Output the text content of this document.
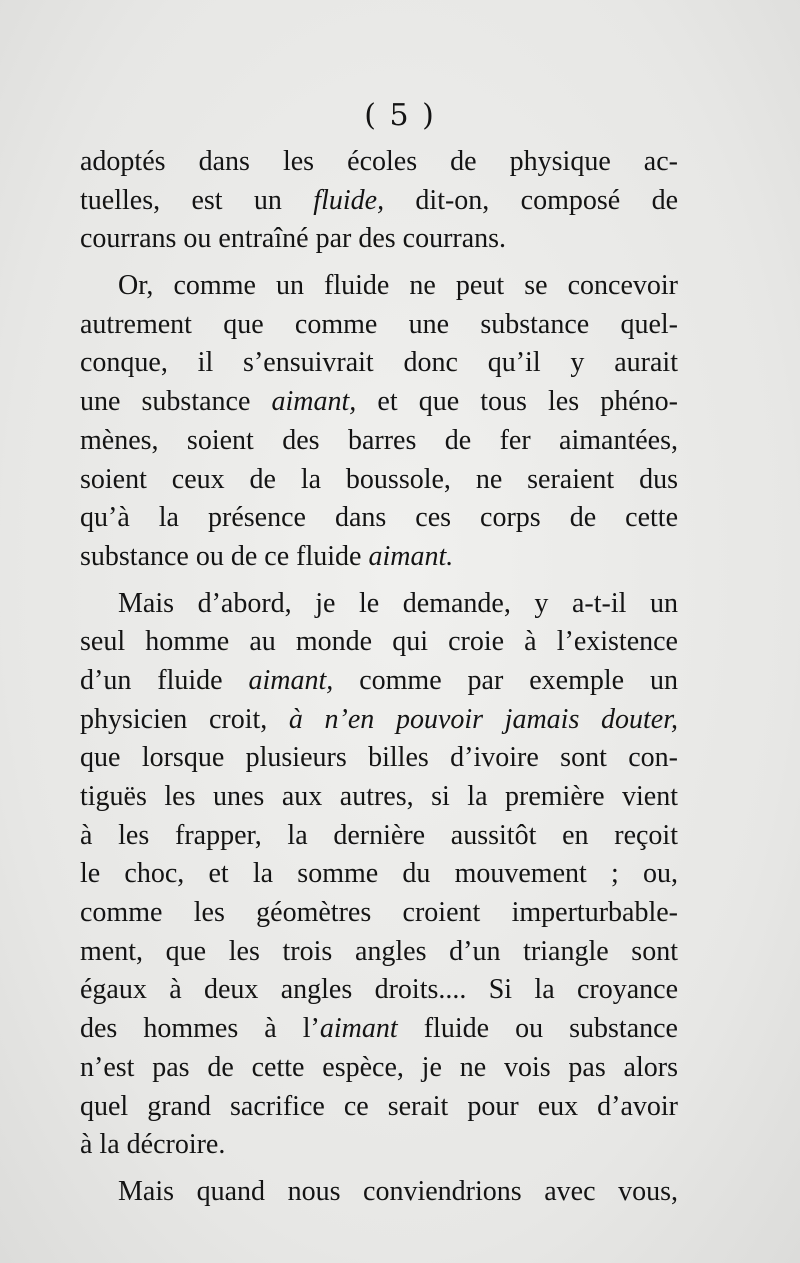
( 5 )
adoptés dans les écoles de physique ac-
tuelles, est un fluide, dit-on, composé de
courrans ou entraîné par des courrans.
Or, comme un fluide ne peut se concevoir
autrement que comme une substance quel-
conque, il s’ensuivrait donc qu’il y aurait
une substance aimant, et que tous les phéno-
mènes, soient des barres de fer aimantées,
soient ceux de la boussole, ne seraient dus
qu’à la présence dans ces corps de cette
substance ou de ce fluide aimant.
Mais d’abord, je le demande, y a-t-il un
seul homme au monde qui croie à l’existence
d’un fluide aimant, comme par exemple un
physicien croit, à n’en pouvoir jamais douter,
que lorsque plusieurs billes d’ivoire sont con-
tiguës les unes aux autres, si la première vient
à les frapper, la dernière aussitôt en reçoit
le choc, et la somme du mouvement ; ou,
comme les géomètres croient imperturbable-
ment, que les trois angles d’un triangle sont
égaux à deux angles droits.... Si la croyance
des hommes à l’aimant fluide ou substance
n’est pas de cette espèce, je ne vois pas alors
quel grand sacrifice ce serait pour eux d’avoir
à la décroire.
Mais quand nous conviendrions avec vous,
